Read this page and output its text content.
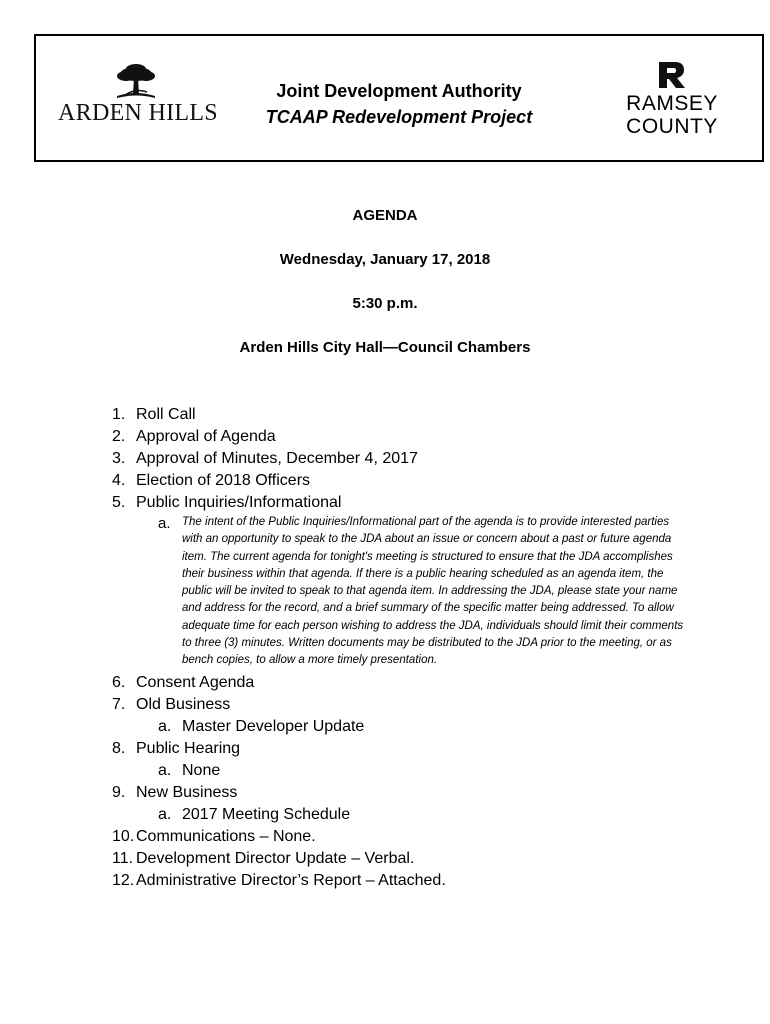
ARDEN HILLS
Joint Development Authority
TCAAP Redevelopment Project
RAMSEY
COUNTY
AGENDA
Wednesday, January 17, 2018
5:30 p.m.
Arden Hills City Hall—Council Chambers
1. Roll Call
2. Approval of Agenda
3. Approval of Minutes, December 4, 2017
4. Election of 2018 Officers
5. Public Inquiries/Informational
a. The intent of the Public Inquiries/Informational part of the agenda is to provide interested parties with an opportunity to speak to the JDA about an issue or concern about a past or future agenda item. The current agenda for tonight's meeting is structured to ensure that the JDA accomplishes their business within that agenda. If there is a public hearing scheduled as an agenda item, the public will be invited to speak to that agenda item. In addressing the JDA, please state your name and address for the record, and a brief summary of the specific matter being addressed. To allow adequate time for each person wishing to address the JDA, individuals should limit their comments to three (3) minutes. Written documents may be distributed to the JDA prior to the meeting, or as bench copies, to allow a more timely presentation.
6. Consent Agenda
7. Old Business
a. Master Developer Update
8. Public Hearing
a. None
9. New Business
a. 2017 Meeting Schedule
10. Communications – None.
11. Development Director Update – Verbal.
12. Administrative Director’s Report – Attached.
